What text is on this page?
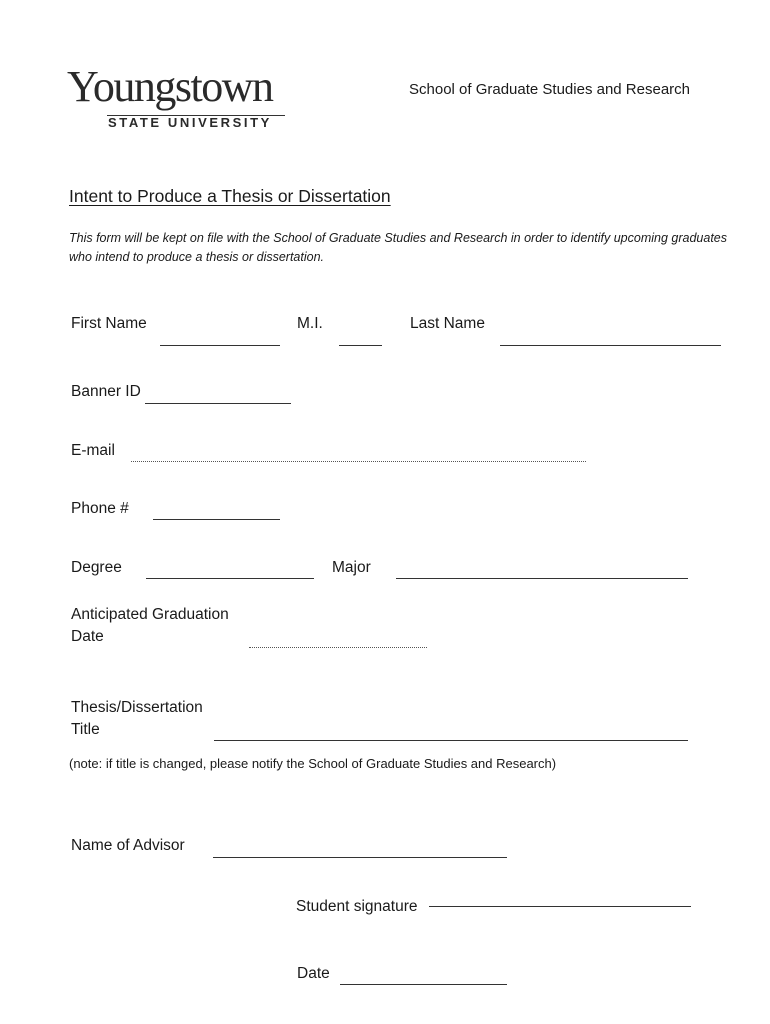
Youngstown
STATE UNIVERSITY
School of Graduate Studies and Research
Intent to Produce a Thesis or Dissertation
This form will be kept on file with the School of Graduate Studies and Research in order to identify upcoming graduates who intend to produce a thesis or dissertation.
First Name	M.I.	Last Name
Banner ID
E-mail
Phone #
Degree	Major
Anticipated Graduation
Date
Thesis/Dissertation
Title
(note: if title is changed, please notify the School of Graduate Studies and Research)
Name of Advisor
Student signature
Date
